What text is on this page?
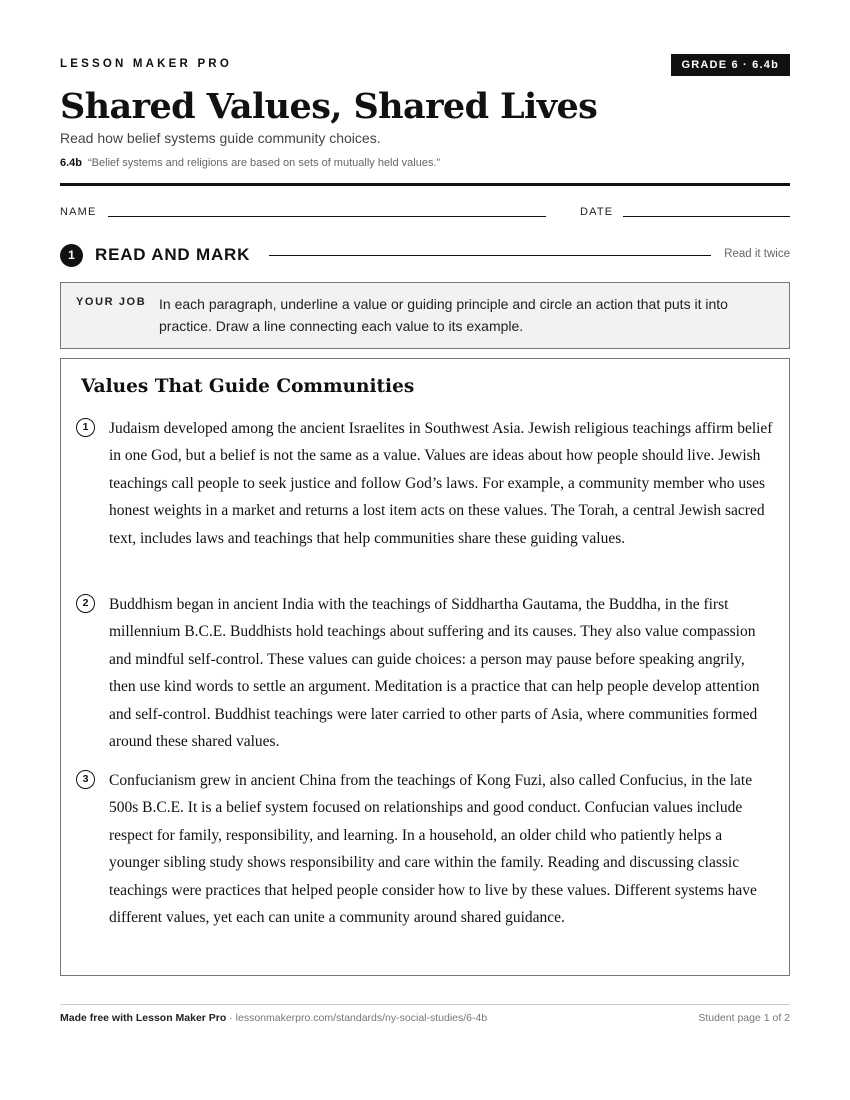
LESSON MAKER PRO	GRADE 6 · 6.4b
Shared Values, Shared Lives
Read how belief systems guide community choices.
6.4b “Belief systems and religions are based on sets of mutually held values.”
NAME	DATE
1	READ AND MARK	Read it twice
YOUR JOB In each paragraph, underline a value or guiding principle and circle an action that puts it into practice. Draw a line connecting each value to its example.
Values That Guide Communities
1	Judaism developed among the ancient Israelites in Southwest Asia. Jewish religious teachings affirm belief in one God, but a belief is not the same as a value. Values are ideas about how people should live. Jewish teachings call people to seek justice and follow God’s laws. For example, a community member who uses honest weights in a market and returns a lost item acts on these values. The Torah, a central Jewish sacred text, includes laws and teachings that help communities share these guiding values.

2	Buddhism began in ancient India with the teachings of Siddhartha Gautama, the Buddha, in the first millennium B.C.E. Buddhists hold teachings about suffering and its causes. They also value compassion and mindful self-control. These values can guide choices: a person may pause before speaking angrily, then use kind words to settle an argument. Meditation is a practice that can help people develop attention and self-control. Buddhist teachings were later carried to other parts of Asia, where communities formed around these shared values.

3	Confucianism grew in ancient China from the teachings of Kong Fuzi, also called Confucius, in the late 500s B.C.E. It is a belief system focused on relationships and good conduct. Confucian values include respect for family, responsibility, and learning. In a household, an older child who patiently helps a younger sibling study shows responsibility and care within the family. Reading and discussing classic teachings were practices that helped people consider how to live by these values. Different systems have different values, yet each can unite a community around shared guidance.

Made free with Lesson Maker Pro · lessonmakerpro.com/standards/ny-social-studies/6-4b	Student page 1 of 2
